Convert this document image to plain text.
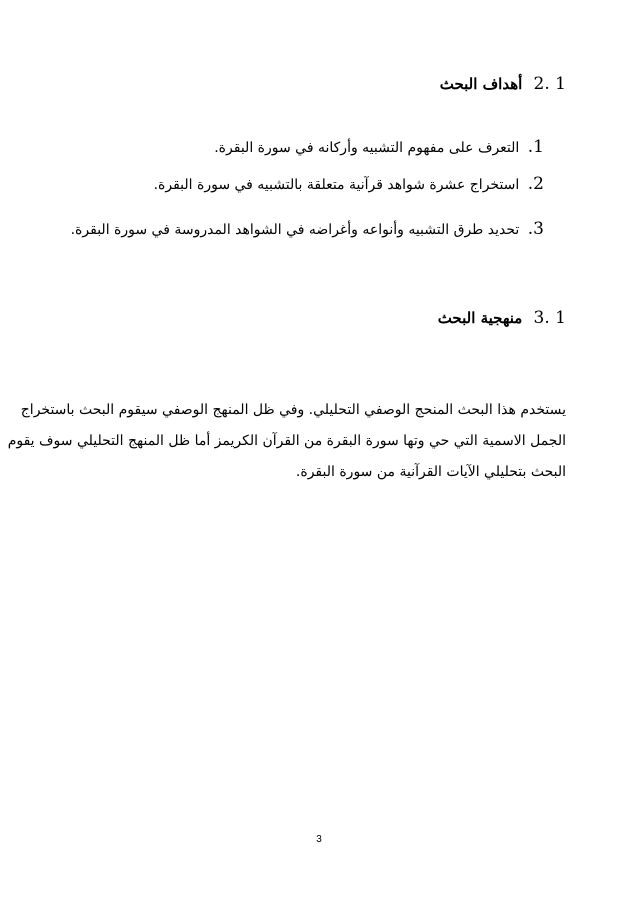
2. 1 أهداف البحث
1. التعرف على مفهوم التشبيه وأركانه في سورة البقرة.
2. استخراج عشرة شواهد قرآنية متعلقة بالتشبيه في سورة البقرة.
3. تحديد طرق التشبيه وأنواعه وأغراضه في الشواهد المدروسة في سورة البقرة.
3. 1 منهجية البحث
يستخدم هذا البحث المنحج الوصفي التحليلي. وفي ظل المنهج الوصفي سيقوم البحث باستخراج
الجمل الاسمية التي حي وتها سورة البقرة من القرآن الكريمز أما ظل المنهج التحليلي سوف يقوم
البحث بتحليلي الآيات القرآنية من سورة البقرة.
3
